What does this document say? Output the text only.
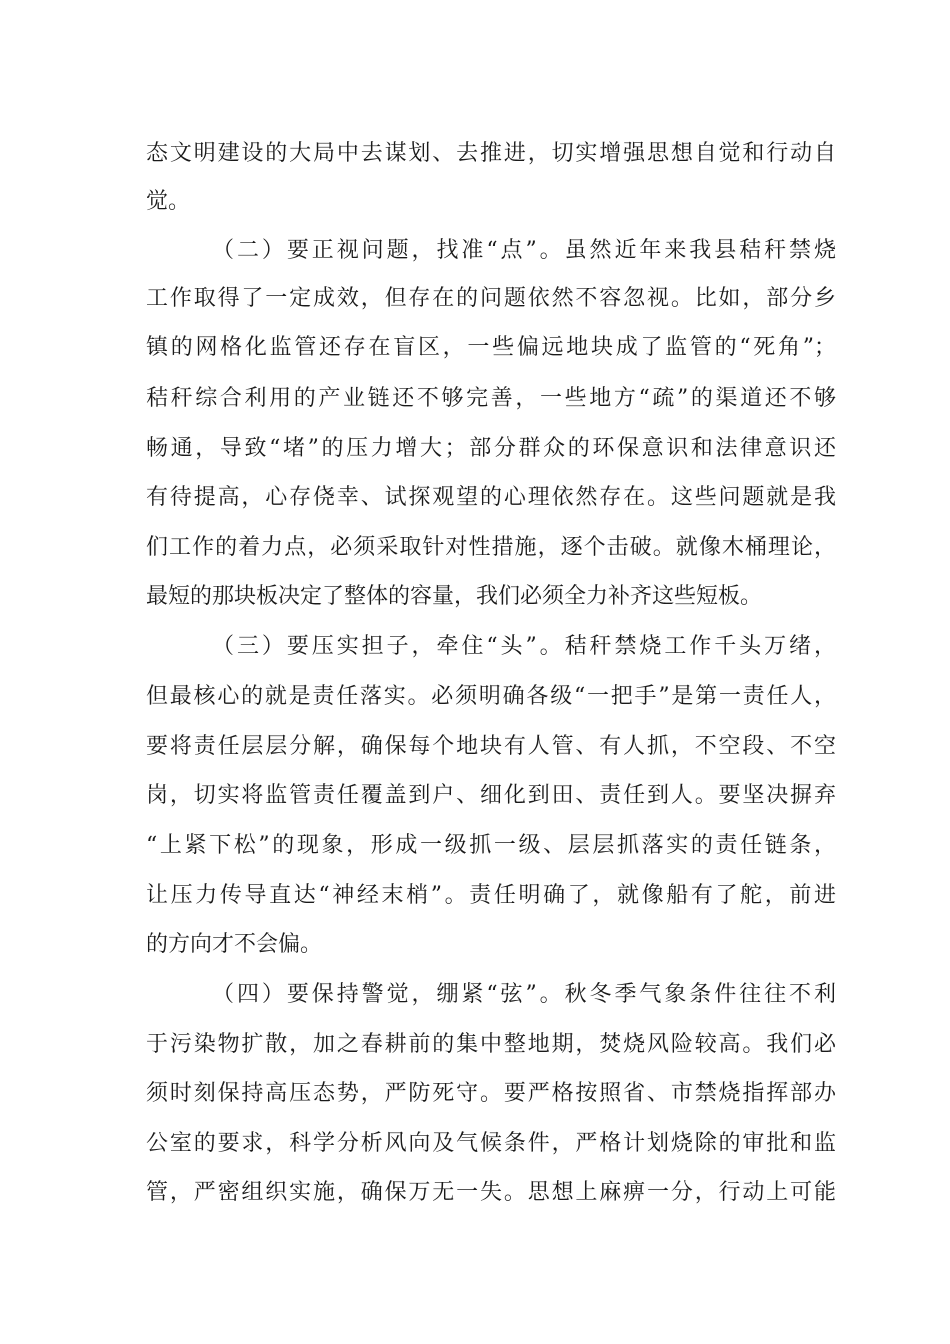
态文明建设的大局中去谋划、去推进，切实增强思想自觉和行动自
觉。
（二）要正视问题，找准“点”。虽然近年来我县秸秆禁烧
工作取得了一定成效，但存在的问题依然不容忽视。比如，部分乡
镇的网格化监管还存在盲区，一些偏远地块成了监管的“死角”；
秸秆综合利用的产业链还不够完善，一些地方“疏”的渠道还不够
畅通，导致“堵”的压力增大；部分群众的环保意识和法律意识还
有待提高，心存侥幸、试探观望的心理依然存在。这些问题就是我
们工作的着力点，必须采取针对性措施，逐个击破。就像木桶理论，
最短的那块板决定了整体的容量，我们必须全力补齐这些短板。
（三）要压实担子，牵住“头”。秸秆禁烧工作千头万绪，
但最核心的就是责任落实。必须明确各级“一把手”是第一责任人，
要将责任层层分解，确保每个地块有人管、有人抓，不空段、不空
岗，切实将监管责任覆盖到户、细化到田、责任到人。要坚决摒弃
“上紧下松”的现象，形成一级抓一级、层层抓落实的责任链条，
让压力传导直达“神经末梢”。责任明确了，就像船有了舵，前进
的方向才不会偏。
（四）要保持警觉，绷紧“弦”。秋冬季气象条件往往不利
于污染物扩散，加之春耕前的集中整地期，焚烧风险较高。我们必
须时刻保持高压态势，严防死守。要严格按照省、市禁烧指挥部办
公室的要求，科学分析风向及气候条件，严格计划烧除的审批和监
管，严密组织实施，确保万无一失。思想上麻痹一分，行动上可能
